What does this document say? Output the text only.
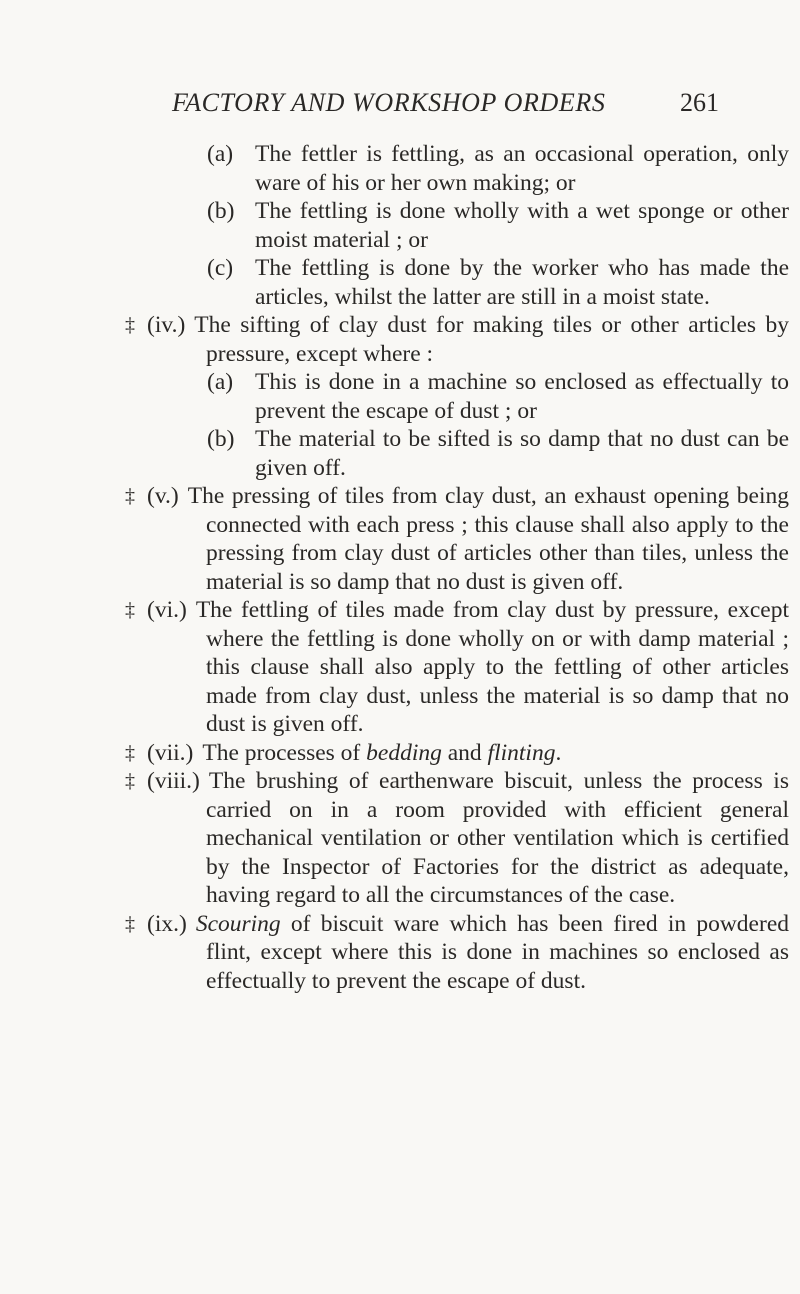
FACTORY AND WORKSHOP ORDERS	261

(a) The fettler is fettling, as an occasional operation, only ware of his or her own making; or

(b) The fettling is done wholly with a wet sponge or other moist material ; or

(c) The fettling is done by the worker who has made the articles, whilst the latter are still in a moist state.

‡ (iv.) The sifting of clay dust for making tiles or other articles by pressure, except where :

(a) This is done in a machine so enclosed as effectually to prevent the escape of dust ; or

(b) The material to be sifted is so damp that no dust can be given off.

‡ (v.) The pressing of tiles from clay dust, an exhaust opening being connected with each press ; this clause shall also apply to the pressing from clay dust of articles other than tiles, unless the material is so damp that no dust is given off.

‡ (vi.) The fettling of tiles made from clay dust by pressure, except where the fettling is done wholly on or with damp material ; this clause shall also apply to the fettling of other articles made from clay dust, unless the material is so damp that no dust is given off.

‡ (vii.) The processes of bedding and flinting.

‡ (viii.) The brushing of earthenware biscuit, unless the process is carried on in a room provided with efficient general mechanical ventilation or other ventilation which is certified by the Inspector of Factories for the district as adequate, having regard to all the circumstances of the case.

‡ (ix.) Scouring of biscuit ware which has been fired in powdered flint, except where this is done in machines so enclosed as effectually to prevent the escape of dust.
